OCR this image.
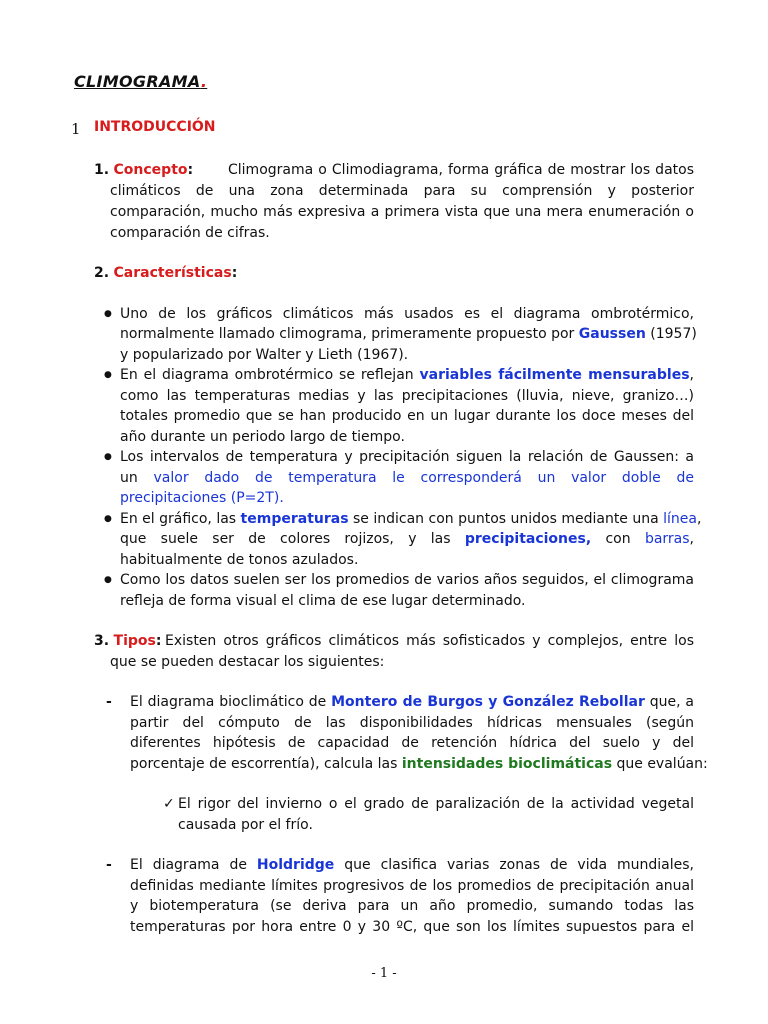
CLIMOGRAMA.
1 INTRODUCCIÓN
1. Concepto: Climograma o Climodiagrama, forma gráfica de mostrar los datos
climáticos de una zona determinada para su comprensión y posterior
comparación, mucho más expresiva a primera vista que una mera enumeración o
comparación de cifras.
2. Características:
● Uno de los gráficos climáticos más usados es el diagrama ombrotérmico,
normalmente llamado climograma, primeramente propuesto por Gaussen (1957)
y popularizado por Walter y Lieth (1967).
● En el diagrama ombrotérmico se reflejan variables fácilmente mensurables,
como las temperaturas medias y las precipitaciones (lluvia, nieve, granizo…)
totales promedio que se han producido en un lugar durante los doce meses del
año durante un periodo largo de tiempo.
● Los intervalos de temperatura y precipitación siguen la relación de Gaussen: a
un valor dado de temperatura le corresponderá un valor doble de
precipitaciones (P=2T).
● En el gráfico, las temperaturas se indican con puntos unidos mediante una línea,
que suele ser de colores rojizos, y las precipitaciones, con barras,
habitualmente de tonos azulados.
● Como los datos suelen ser los promedios de varios años seguidos, el climograma
refleja de forma visual el clima de ese lugar determinado.
3. Tipos: Existen otros gráficos climáticos más sofisticados y complejos, entre los
que se pueden destacar los siguientes:
- El diagrama bioclimático de Montero de Burgos y González Rebollar que, a
partir del cómputo de las disponibilidades hídricas mensuales (según
diferentes hipótesis de capacidad de retención hídrica del suelo y del
porcentaje de escorrentía), calcula las intensidades bioclimáticas que evalúan:
✓ El rigor del invierno o el grado de paralización de la actividad vegetal
causada por el frío.
- El diagrama de Holdridge que clasifica varias zonas de vida mundiales,
definidas mediante límites progresivos de los promedios de precipitación anual
y biotemperatura (se deriva para un año promedio, sumando todas las
temperaturas por hora entre 0 y 30 ºC, que son los límites supuestos para el
- 1 -
